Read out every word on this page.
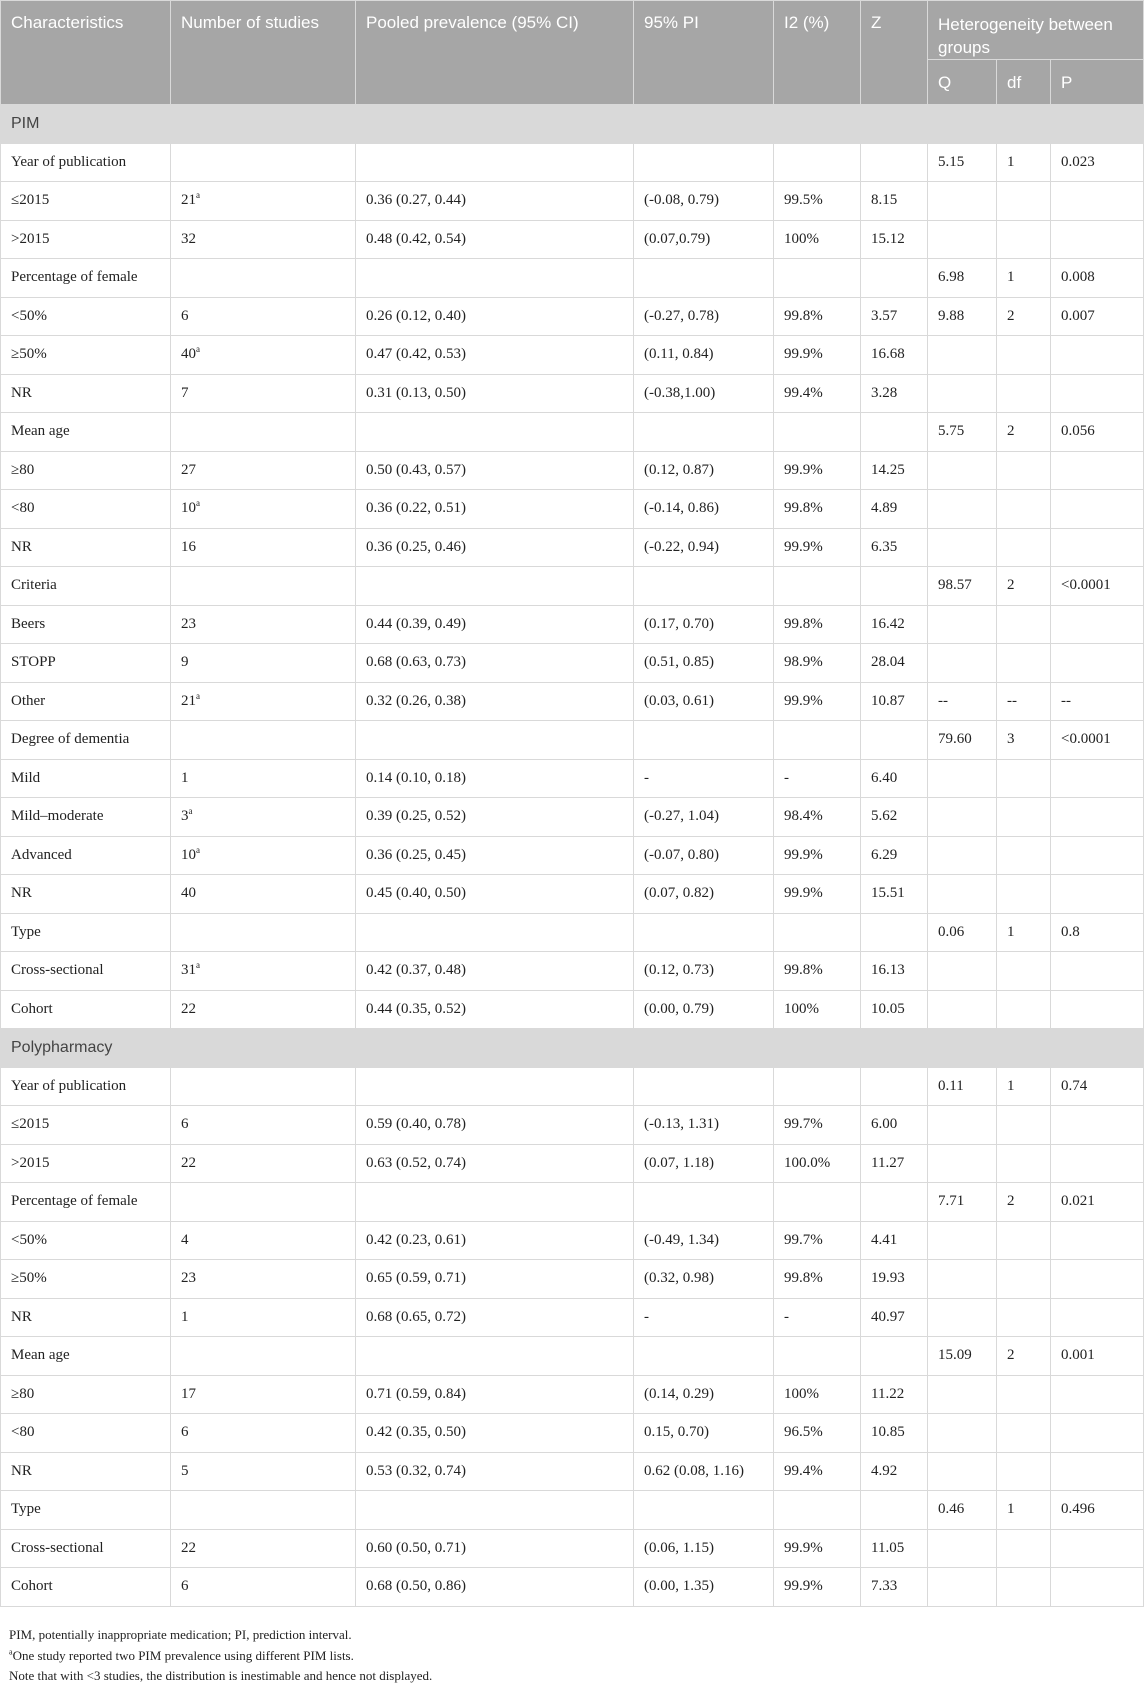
Characteristics	Number of studies	Pooled prevalence (95% CI)	95% PI	I2 (%)	Z	Heterogeneity between groups		
						Q	df	P
PIM								
Year of publication						5.15	1	0.023
≤2015	21$^a$	0.36 (0.27, 0.44)	(-0.08, 0.79)	99.5%	8.15			
>2015	32	0.48 (0.42, 0.54)	(0.07,0.79)	100%	15.12			
Percentage of female						6.98	1	0.008
<50%	6	0.26 (0.12, 0.40)	(-0.27, 0.78)	99.8%	3.57	9.88	2	0.007
≥50%	40$^a$	0.47 (0.42, 0.53)	(0.11, 0.84)	99.9%	16.68			
NR	7	0.31 (0.13, 0.50)	(-0.38,1.00)	99.4%	3.28			
Mean age						5.75	2	0.056
≥80	27	0.50 (0.43, 0.57)	(0.12, 0.87)	99.9%	14.25			
<80	10$^a$	0.36 (0.22, 0.51)	(-0.14, 0.86)	99.8%	4.89			
NR	16	0.36 (0.25, 0.46)	(-0.22, 0.94)	99.9%	6.35			
Criteria						98.57	2	<0.0001
Beers	23	0.44 (0.39, 0.49)	(0.17, 0.70)	99.8%	16.42			
STOPP	9	0.68 (0.63, 0.73)	(0.51, 0.85)	98.9%	28.04			
Other	21$^a$	0.32 (0.26, 0.38)	(0.03, 0.61)	99.9%	10.87	--	--	--
Degree of dementia						79.60	3	<0.0001
Mild	1	0.14 (0.10, 0.18)	-	-	6.40			
Mild–moderate	3$^a$	0.39 (0.25, 0.52)	(-0.27, 1.04)	98.4%	5.62			
Advanced	10$^a$	0.36 (0.25, 0.45)	(-0.07, 0.80)	99.9%	6.29			
NR	40	0.45 (0.40, 0.50)	(0.07, 0.82)	99.9%	15.51			
Type						0.06	1	0.8
Cross-sectional	31$^a$	0.42 (0.37, 0.48)	(0.12, 0.73)	99.8%	16.13			
Cohort	22	0.44 (0.35, 0.52)	(0.00, 0.79)	100%	10.05			
Polypharmacy								
Year of publication						0.11	1	0.74
≤2015	6	0.59 (0.40, 0.78)	(-0.13, 1.31)	99.7%	6.00			
>2015	22	0.63 (0.52, 0.74)	(0.07, 1.18)	100.0%	11.27			
Percentage of female						7.71	2	0.021
<50%	4	0.42 (0.23, 0.61)	(-0.49, 1.34)	99.7%	4.41			
≥50%	23	0.65 (0.59, 0.71)	(0.32, 0.98)	99.8%	19.93			
NR	1	0.68 (0.65, 0.72)	-	-	40.97			
Mean age						15.09	2	0.001
≥80	17	0.71 (0.59, 0.84)	(0.14, 0.29)	100%	11.22			
<80	6	0.42 (0.35, 0.50)	0.15, 0.70)	96.5%	10.85			
NR	5	0.53 (0.32, 0.74)	0.62 (0.08, 1.16)	99.4%	4.92			
Type						0.46	1	0.496
Cross-sectional	22	0.60 (0.50, 0.71)	(0.06, 1.15)	99.9%	11.05			
Cohort	6	0.68 (0.50, 0.86)	(0.00, 1.35)	99.9%	7.33			
PIM, potentially inappropriate medication; PI, prediction interval.
$^a$One study reported two PIM prevalence using different PIM lists.
Note that with <3 studies, the distribution is inestimable and hence not displayed.
